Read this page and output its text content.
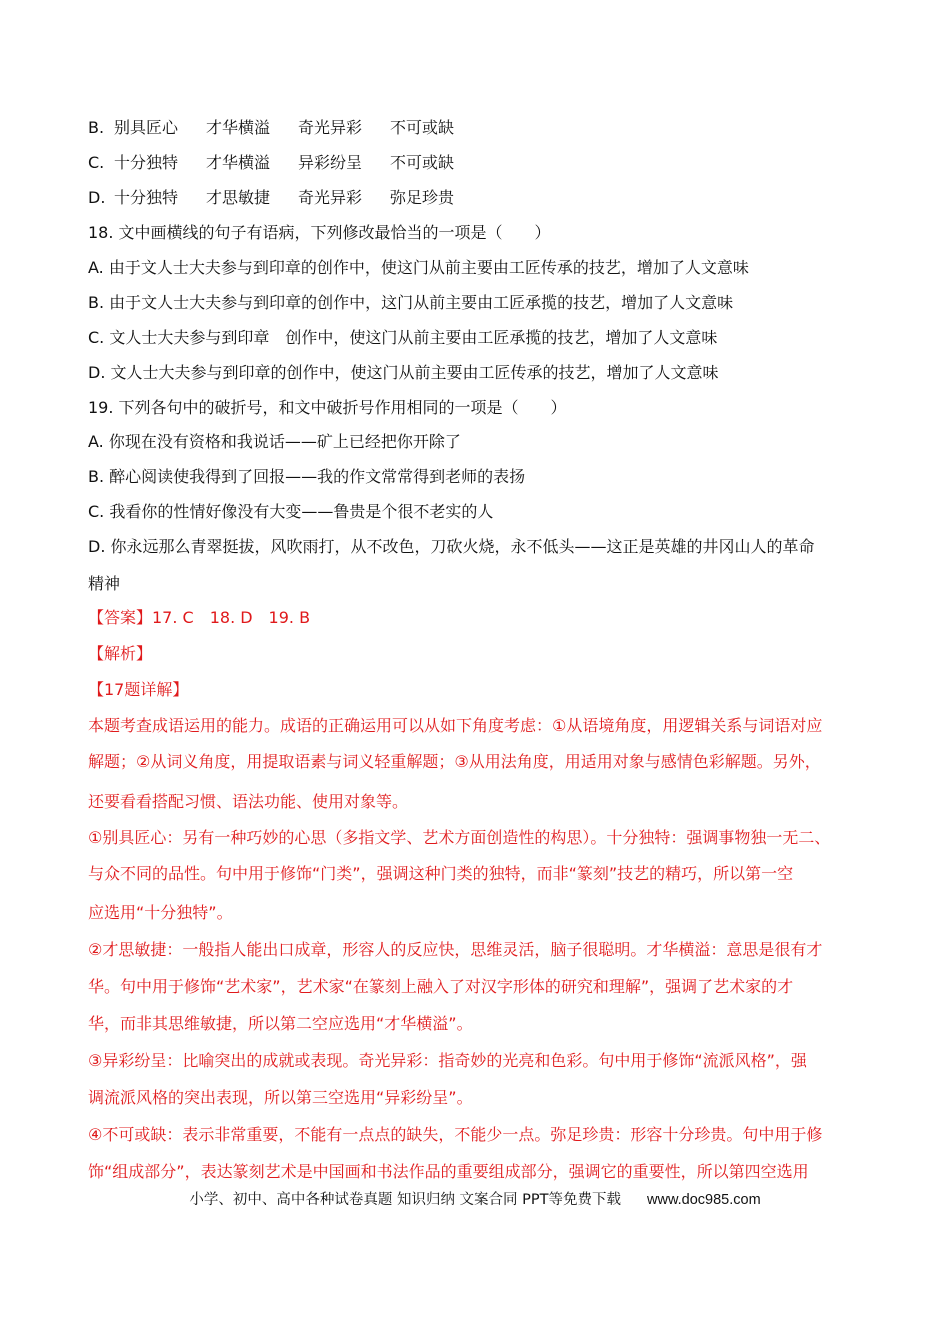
B. 别具匠心 才华横溢 奇光异彩 不可或缺
C. 十分独特 才华横溢 异彩纷呈 不可或缺
D. 十分独特 才思敏捷 奇光异彩 弥足珍贵
18. 文中画横线的句子有语病，下列修改最恰当的一项是（　　）
A. 由于文人士大夫参与到印章的创作中，使这门从前主要由工匠传承的技艺，增加了人文意味
B. 由于文人士大夫参与到印章的创作中，这门从前主要由工匠承揽的技艺，增加了人文意味
C. 文人士大夫参与到印章　创作中，使这门从前主要由工匠承揽的技艺，增加了人文意味
D. 文人士大夫参与到印章的创作中，使这门从前主要由工匠传承的技艺，增加了人文意味
19. 下列各句中的破折号，和文中破折号作用相同的一项是（　　）
A. 你现在没有资格和我说话——矿上已经把你开除了
B. 醉心阅读使我得到了回报——我的作文常常得到老师的表扬
C. 我看你的性情好像没有大变——鲁贵是个很不老实的人
D. 你永远那么青翠挺拔，风吹雨打，从不改色，刀砍火烧，永不低头——这正是英雄的井冈山人的革命
精神
【答案】17. C　18. D　19. B
【解析】
【17题详解】
本题考查成语运用的能力。成语的正确运用可以从如下角度考虑：①从语境角度，用逻辑关系与词语对应
解题；②从词义角度，用提取语素与词义轻重解题；③从用法角度，用适用对象与感情色彩解题。另外，
还要看看搭配习惯、语法功能、使用对象等。
①别具匠心：另有一种巧妙的心思（多指文学、艺术方面创造性的构思）。十分独特：强调事物独一无二、
与众不同的品性。句中用于修饰“门类”，强调这种门类的独特，而非“篆刻”技艺的精巧，所以第一空
应选用“十分独特”。
②才思敏捷：一般指人能出口成章，形容人的反应快，思维灵活，脑子很聪明。才华横溢：意思是很有才
华。句中用于修饰“艺术家”，艺术家“在篆刻上融入了对汉字形体的研究和理解”，强调了艺术家的才
华，而非其思维敏捷，所以第二空应选用“才华横溢”。
③异彩纷呈：比喻突出的成就或表现。奇光异彩：指奇妙的光亮和色彩。句中用于修饰“流派风格”，强
调流派风格的突出表现，所以第三空选用“异彩纷呈”。
④不可或缺：表示非常重要，不能有一点点的缺失，不能少一点。弥足珍贵：形容十分珍贵。句中用于修
饰“组成部分”，表达篆刻艺术是中国画和书法作品的重要组成部分，强调它的重要性，所以第四空选用
小学、初中、高中各种试卷真题 知识归纳 文案合同 PPT等免费下载 www.doc985.com
